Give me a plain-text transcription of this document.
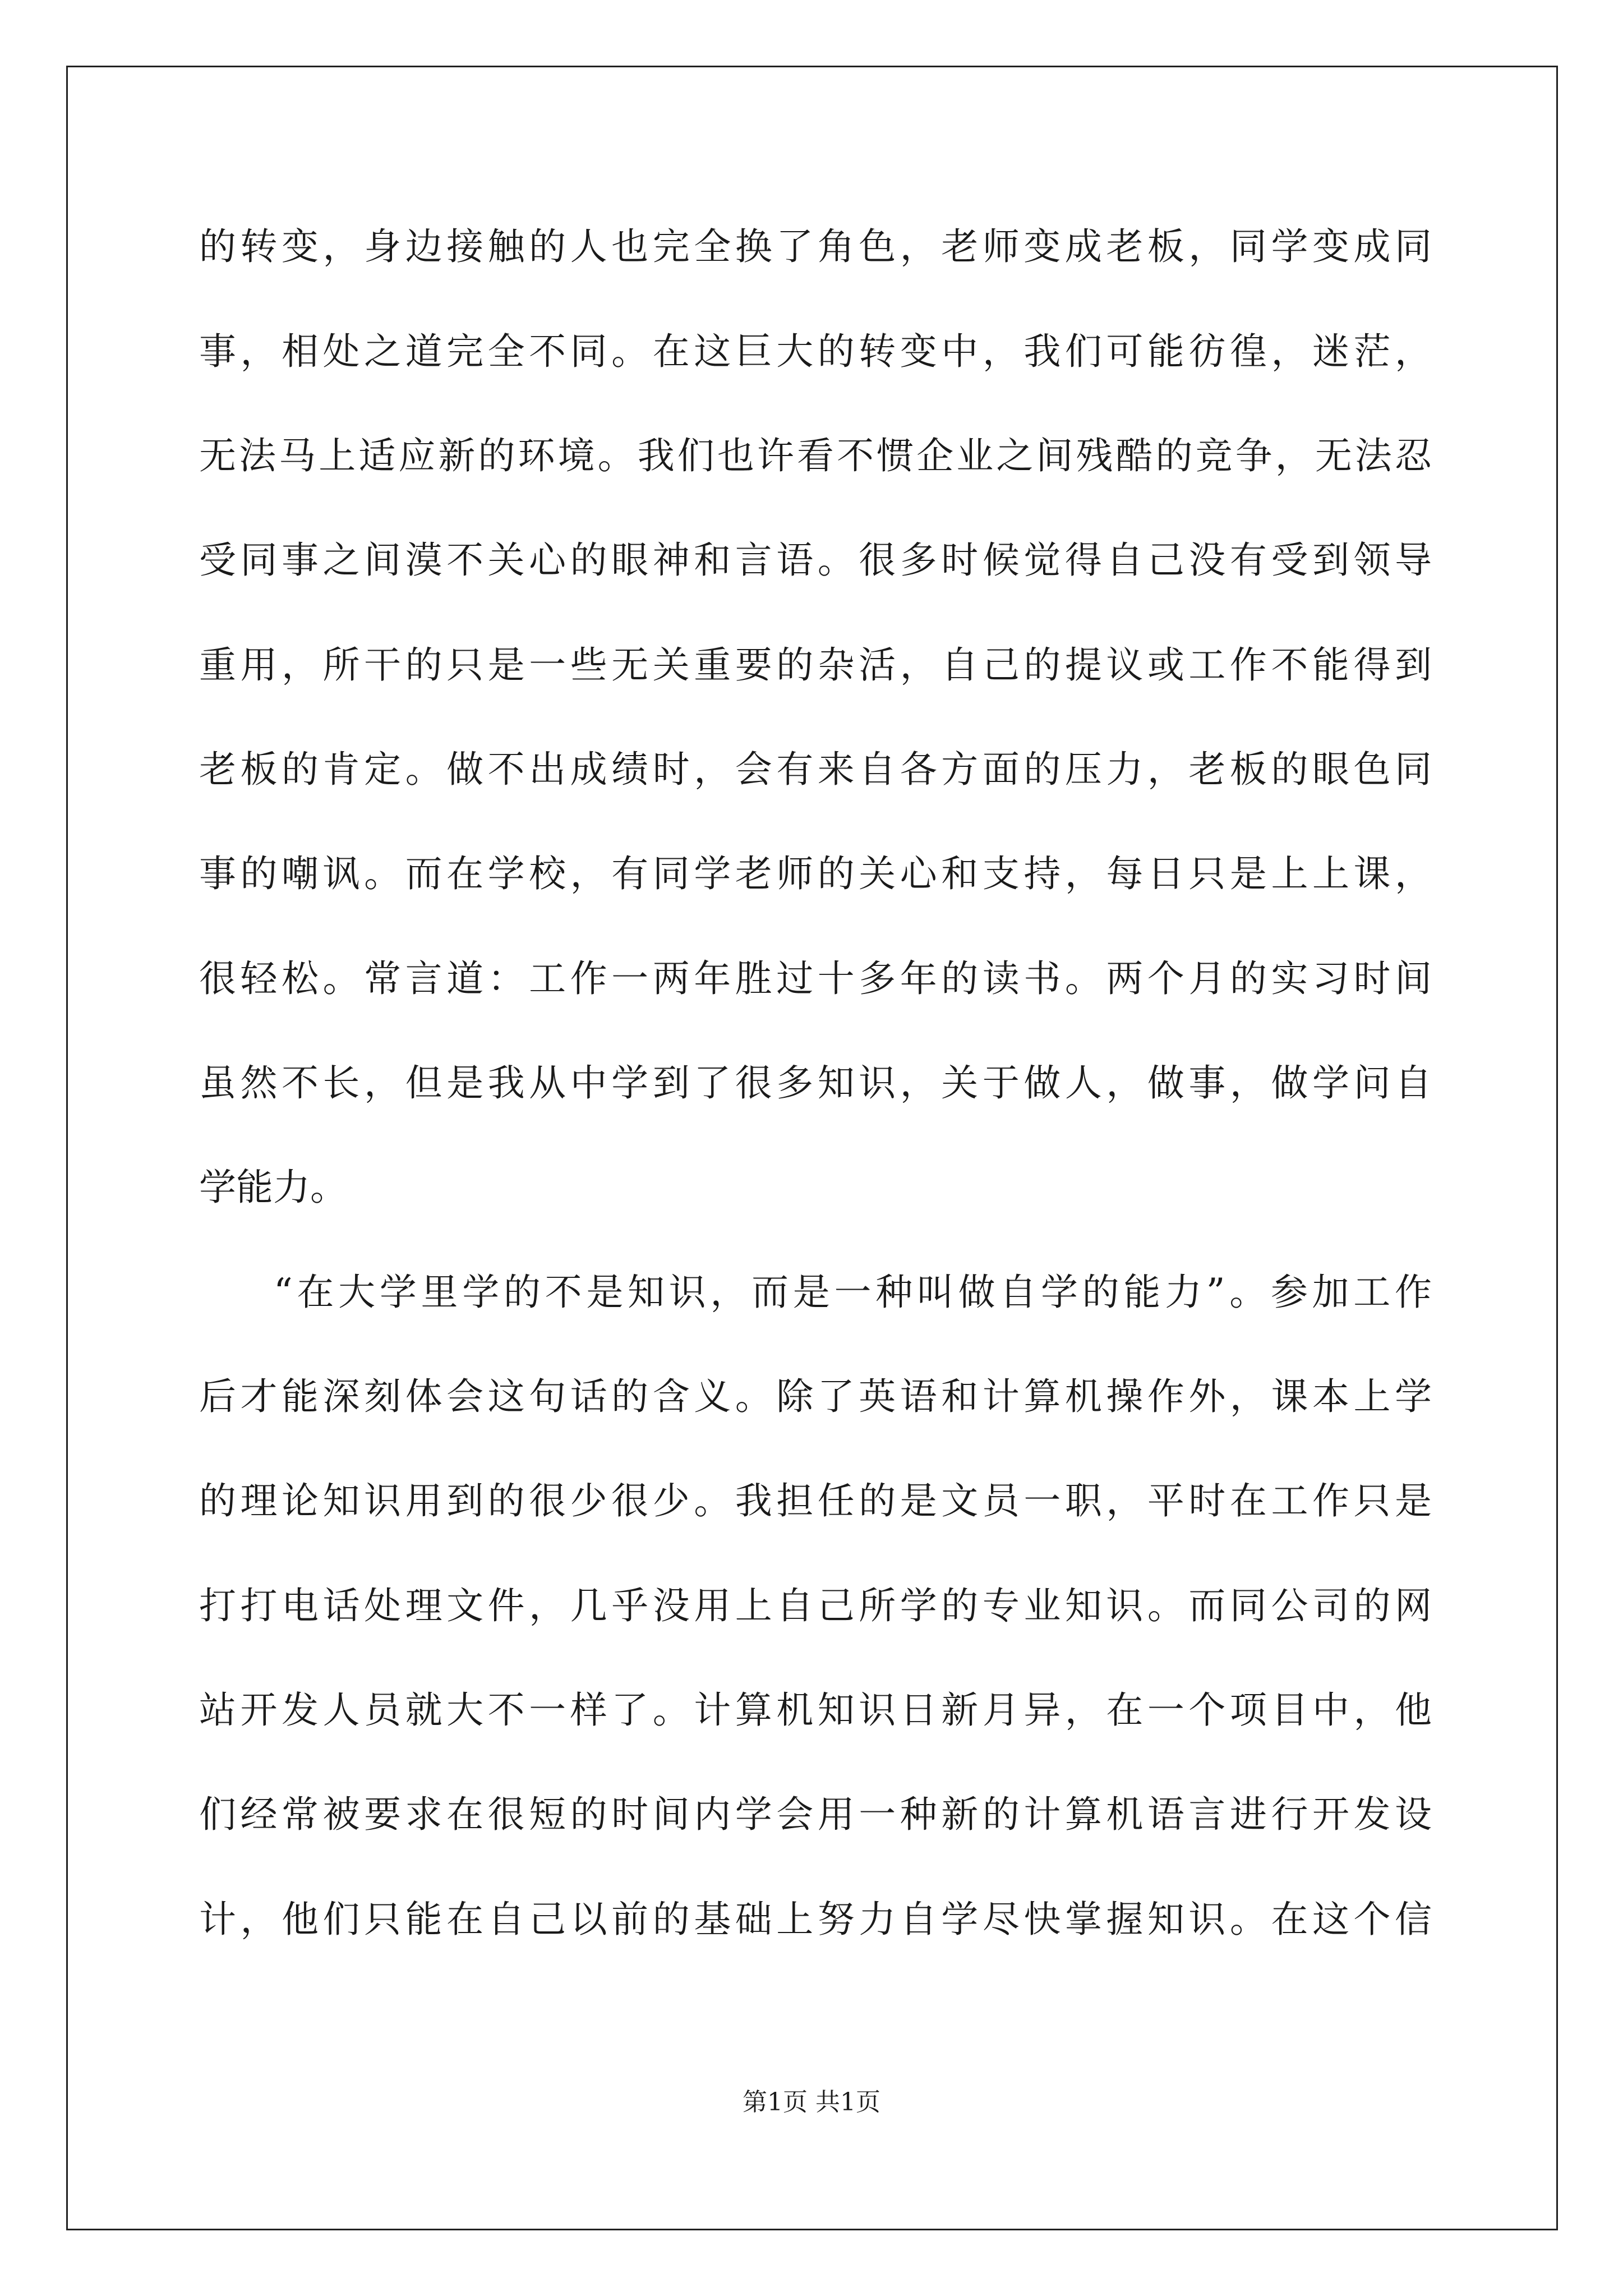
的转变，身边接触的人也完全换了角色，老师变成老板，同学变成同
事，相处之道完全不同。在这巨大的转变中，我们可能彷徨，迷茫，
无法马上适应新的环境。我们也许看不惯企业之间残酷的竞争，无法忍
受同事之间漠不关心的眼神和言语。很多时候觉得自己没有受到领导
重用，所干的只是一些无关重要的杂活，自己的提议或工作不能得到
老板的肯定。做不出成绩时，会有来自各方面的压力，老板的眼色同
事的嘲讽。而在学校，有同学老师的关心和支持，每日只是上上课，
很轻松。常言道：工作一两年胜过十多年的读书。两个月的实习时间
虽然不长，但是我从中学到了很多知识，关于做人，做事，做学问自
学能力。
“在大学里学的不是知识，而是一种叫做自学的能力”。参加工作
后才能深刻体会这句话的含义。除了英语和计算机操作外，课本上学
的理论知识用到的很少很少。我担任的是文员一职，平时在工作只是
打打电话处理文件，几乎没用上自己所学的专业知识。而同公司的网
站开发人员就大不一样了。计算机知识日新月异，在一个项目中，他
们经常被要求在很短的时间内学会用一种新的计算机语言进行开发设
计，他们只能在自己以前的基础上努力自学尽快掌握知识。在这个信
第1页 共1页
